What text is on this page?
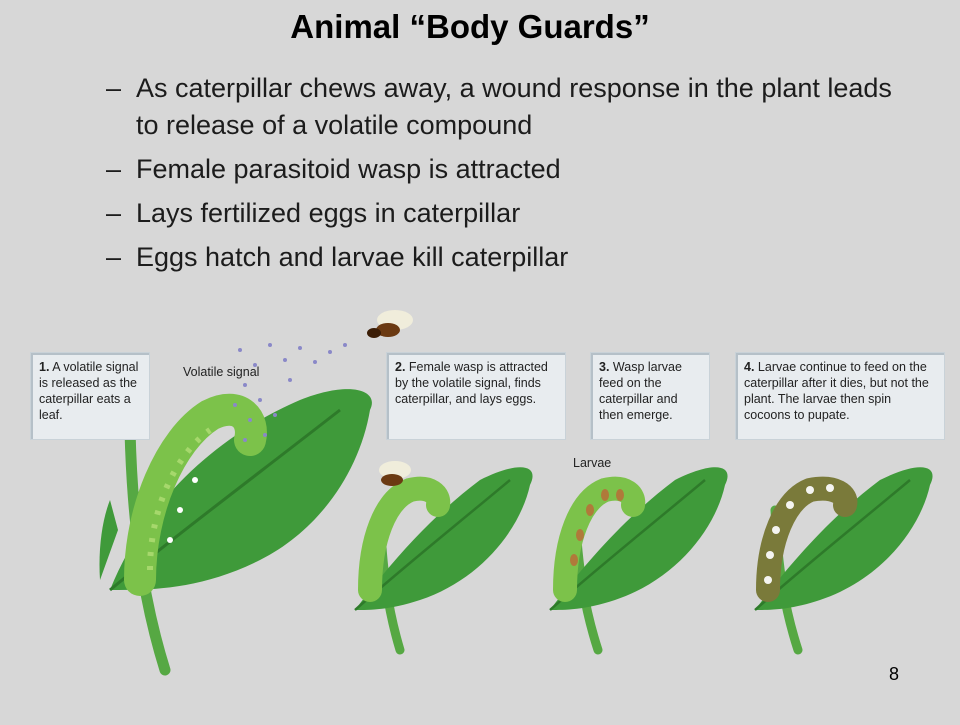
Animal “Body Guards”
– As caterpillar chews away, a wound response in the plant leads to release of a volatile compound
– Female parasitoid wasp is attracted
– Lays fertilized eggs in caterpillar
– Eggs hatch and larvae kill caterpillar
1. A volatile signal is released as the caterpillar eats a leaf.
Volatile signal	2. Female wasp is attracted by the volatile signal, finds caterpillar, and lays eggs.
3. Wasp larvae feed on the caterpillar and then emerge.
4. Larvae continue to feed on the caterpillar after it dies, but not the plant. The larvae then spin cocoons to pupate.
Larvae
8
